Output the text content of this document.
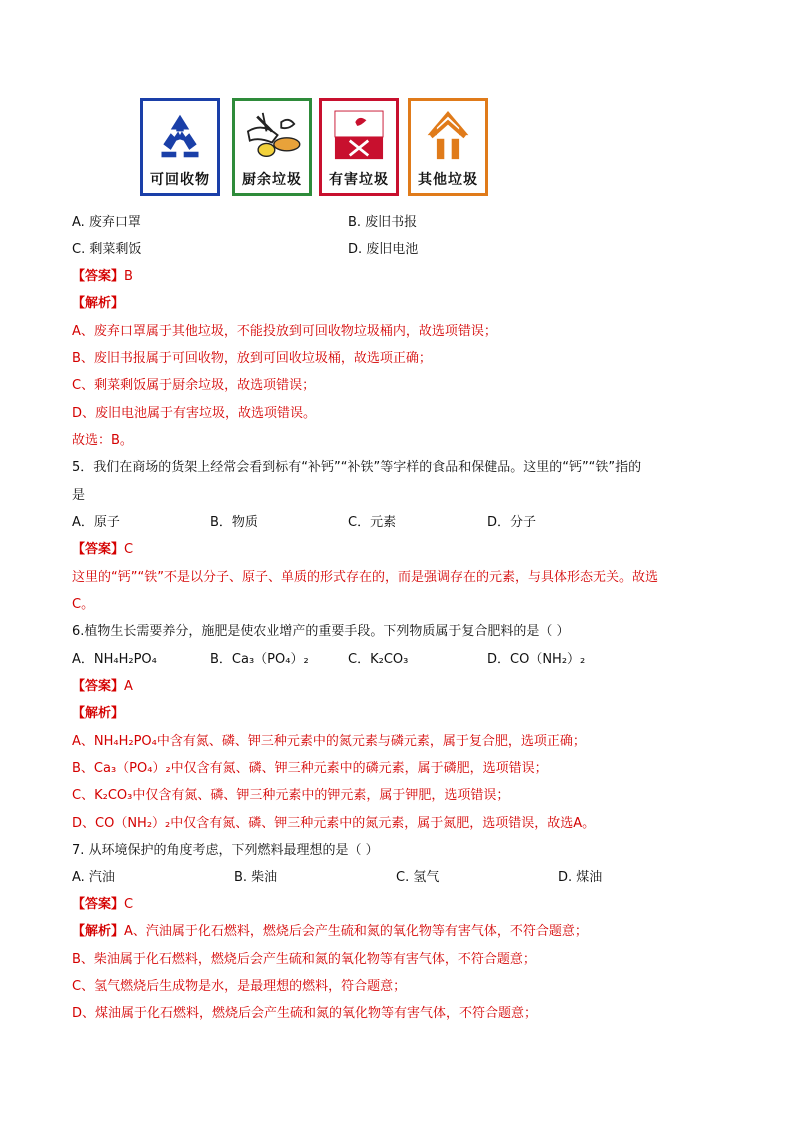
可回收物	厨余垃圾	有害垃圾	其他垃圾
A. 废弃口罩	B. 废旧书报
C. 剩菜剩饭	D. 废旧电池
【答案】B
【解析】
A、废弃口罩属于其他垃圾，不能投放到可回收物垃圾桶内，故选项错误；
B、废旧书报属于可回收物，放到可回收垃圾桶，故选项正确；
C、剩菜剩饭属于厨余垃圾，故选项错误；
D、废旧电池属于有害垃圾，故选项错误。
故选：B。
5．我们在商场的货架上经常会看到标有“补钙”“补铁”等字样的食品和保健品。这里的“钙”“铁”指的
是
A．原子	B．物质	C．元素	D．分子
【答案】C
这里的“钙”“铁”不是以分子、原子、单质的形式存在的，而是强调存在的元素，与具体形态无关。故选
C。
6.植物生长需要养分，施肥是使农业增产的重要手段。下列物质属于复合肥料的是（ ）
A．NH₄H₂PO₄	B．Ca₃（PO₄）₂	C．K₂CO₃	D．CO（NH₂）₂
【答案】A
【解析】
A、NH₄H₂PO₄中含有氮、磷、钾三种元素中的氮元素与磷元素，属于复合肥，选项正确；
B、Ca₃（PO₄）₂中仅含有氮、磷、钾三种元素中的磷元素，属于磷肥，选项错误；
C、K₂CO₃中仅含有氮、磷、钾三种元素中的钾元素，属于钾肥，选项错误；
D、CO（NH₂）₂中仅含有氮、磷、钾三种元素中的氮元素，属于氮肥，选项错误，故选A。
7. 从环境保护的角度考虑，下列燃料最理想的是（ ）
A. 汽油	B. 柴油	C. 氢气	D. 煤油
【答案】C
【解析】A、汽油属于化石燃料，燃烧后会产生硫和氮的氧化物等有害气体，不符合题意；
B、柴油属于化石燃料，燃烧后会产生硫和氮的氧化物等有害气体，不符合题意；
C、氢气燃烧后生成物是水，是最理想的燃料，符合题意；
D、煤油属于化石燃料，燃烧后会产生硫和氮的氧化物等有害气体，不符合题意；
